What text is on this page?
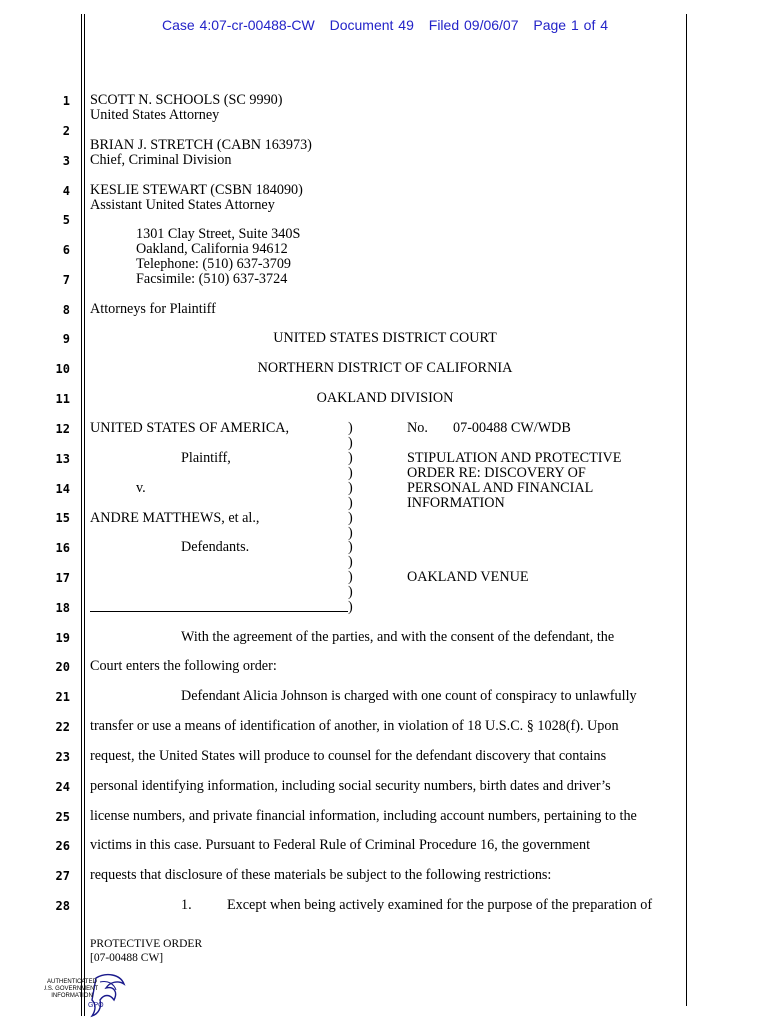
Case 4:07-cr-00488-CW Document 49 Filed 09/06/07 Page 1 of 4
1
2
3
4
5
6
7
8
9
10
11
12
13
14
15
16
17
18
19
20
21
22
23
24
25
26
27
28
SCOTT N. SCHOOLS (SC 9990)
United States Attorney
BRIAN J. STRETCH (CABN 163973)
Chief, Criminal Division
KESLIE STEWART (CSBN 184090)
Assistant United States Attorney
1301 Clay Street, Suite 340S
Oakland, California 94612
Telephone: (510) 637-3709
Facsimile: (510) 637-3724
Attorneys for Plaintiff
UNITED STATES DISTRICT COURT
NORTHERN DISTRICT OF CALIFORNIA
OAKLAND DIVISION
UNITED STATES OF AMERICA,
Plaintiff,
v.
ANDRE MATTHEWS, et al.,
Defendants.
)
)
)
)
)
)
)
)
)
)
)
)
)
No. 07-00488 CW/WDB
STIPULATION AND PROTECTIVE
ORDER RE: DISCOVERY OF
PERSONAL AND FINANCIAL
INFORMATION
OAKLAND VENUE
With the agreement of the parties, and with the consent of the defendant, the
Court enters the following order:
Defendant Alicia Johnson is charged with one count of conspiracy to unlawfully
transfer or use a means of identification of another, in violation of 18 U.S.C. § 1028(f). Upon
request, the United States will produce to counsel for the defendant discovery that contains
personal identifying information, including social security numbers, birth dates and driver’s
license numbers, and private financial information, including account numbers, pertaining to the
victims in this case. Pursuant to Federal Rule of Criminal Procedure 16, the government
requests that disclosure of these materials be subject to the following restrictions:
1. Except when being actively examined for the purpose of the preparation of
PROTECTIVE ORDER
[07-00488 CW]
AUTHENTICATED
U.S. GOVERNMENT
INFORMATION
GPO
